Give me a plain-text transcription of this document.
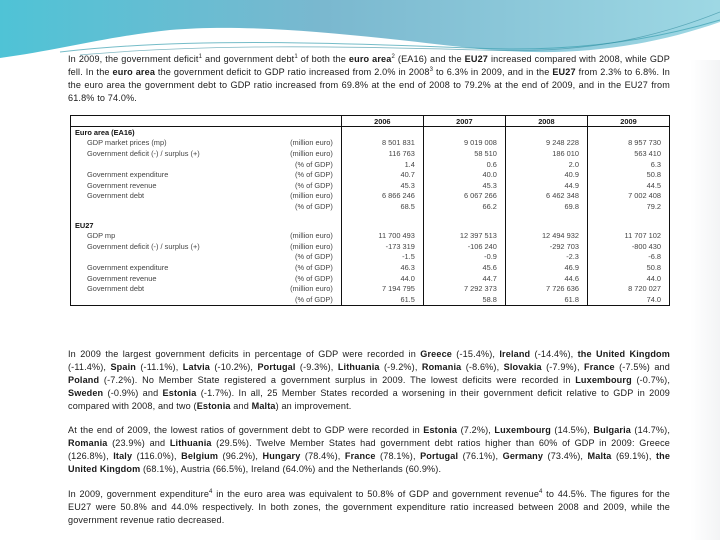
In 2009, the government deficit$^1$ and government debt$^1$ of both the euro area$^2$ (EA16) and the EU27 increased compared with 2008, while GDP fell. In the euro area the government deficit to GDP ratio increased from 2.0% in 2008$^3$ to 6.3% in 2009, and in the EU27 from 2.3% to 6.8%. In the euro area the government debt to GDP ratio increased from 69.8% at the end of 2008 to 79.2% at the end of 2009, and in the EU27 from 61.8% to 74.0%.
		2006	2007	2008	2009
Euro area (EA16)					
GDP market prices (mp)	(million euro)	8 501 831	9 019 008	9 248 228	8 957 730
Government deficit (-) / surplus (+)	(million euro)	116 763	58 510	186 010	563 410
	(% of GDP)	1.4	0.6	2.0	6.3
Government expenditure	(% of GDP)	40.7	40.0	40.9	50.8
Government revenue	(% of GDP)	45.3	45.3	44.9	44.5
Government debt	(million euro)	6 866 246	6 067 266	6 462 348	7 002 408
	(% of GDP)	68.5	66.2	69.8	79.2

EU27					
GDP mp	(million euro)	11 700 493	12 397 513	12 494 932	11 707 102
Government deficit (-) / surplus (+)	(million euro)	-173 319	-106 240	-292 703	-800 430
	(% of GDP)	-1.5	-0.9	-2.3	-6.8
Government expenditure	(% of GDP)	46.3	45.6	46.9	50.8
Government revenue	(% of GDP)	44.0	44.7	44.6	44.0
Government debt	(million euro)	7 194 795	7 292 373	7 726 636	8 720 027
	(% of GDP)	61.5	58.8	61.8	74.0
In 2009 the largest government deficits in percentage of GDP were recorded in Greece (-15.4%), Ireland (-14.4%), the United Kingdom (-11.4%), Spain (-11.1%), Latvia (-10.2%), Portugal (-9.3%), Lithuania (-9.2%), Romania (-8.6%), Slovakia (-7.9%), France (-7.5%) and Poland (-7.2%). No Member State registered a government surplus in 2009. The lowest deficits were recorded in Luxembourg (-0.7%), Sweden (-0.9%) and Estonia (-1.7%). In all, 25 Member States recorded a worsening in their government deficit relative to GDP in 2009 compared with 2008, and two (Estonia and Malta) an improvement.
At the end of 2009, the lowest ratios of government debt to GDP were recorded in Estonia (7.2%), Luxembourg (14.5%), Bulgaria (14.7%), Romania (23.9%) and Lithuania (29.5%). Twelve Member States had government debt ratios higher than 60% of GDP in 2009: Greece (126.8%), Italy (116.0%), Belgium (96.2%), Hungary (78.4%), France (78.1%), Portugal (76.1%), Germany (73.4%), Malta (69.1%), the United Kingdom (68.1%), Austria (66.5%), Ireland (64.0%) and the Netherlands (60.9%).
In 2009, government expenditure$^4$ in the euro area was equivalent to 50.8% of GDP and government revenue$^4$ to 44.5%. The figures for the EU27 were 50.8% and 44.0% respectively. In both zones, the government expenditure ratio increased between 2008 and 2009, while the government revenue ratio decreased.
